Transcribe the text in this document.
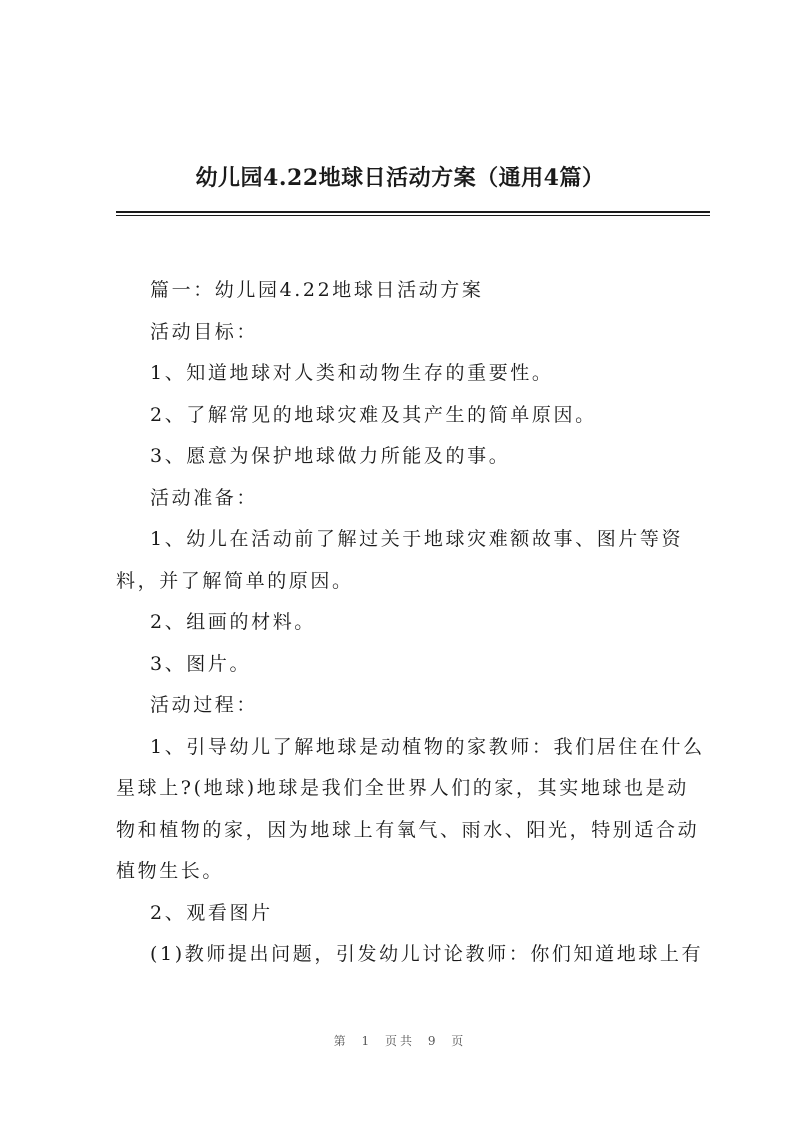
幼儿园4.22地球日活动方案（通用4篇）

篇一：幼儿园4.22地球日活动方案

活动目标：

1、知道地球对人类和动物生存的重要性。

2、了解常见的地球灾难及其产生的简单原因。

3、愿意为保护地球做力所能及的事。

活动准备：

1、幼儿在活动前了解过关于地球灾难额故事、图片等资料，并了解简单的原因。

2、组画的材料。

3、图片。

活动过程：

1、引导幼儿了解地球是动植物的家教师：我们居住在什么星球上?(地球)地球是我们全世界人们的家，其实地球也是动物和植物的家，因为地球上有氧气、雨水、阳光，特别适合动植物生长。

2、观看图片

(1)教师提出问题，引发幼儿讨论教师：你们知道地球上有

第 1 页共 9 页
